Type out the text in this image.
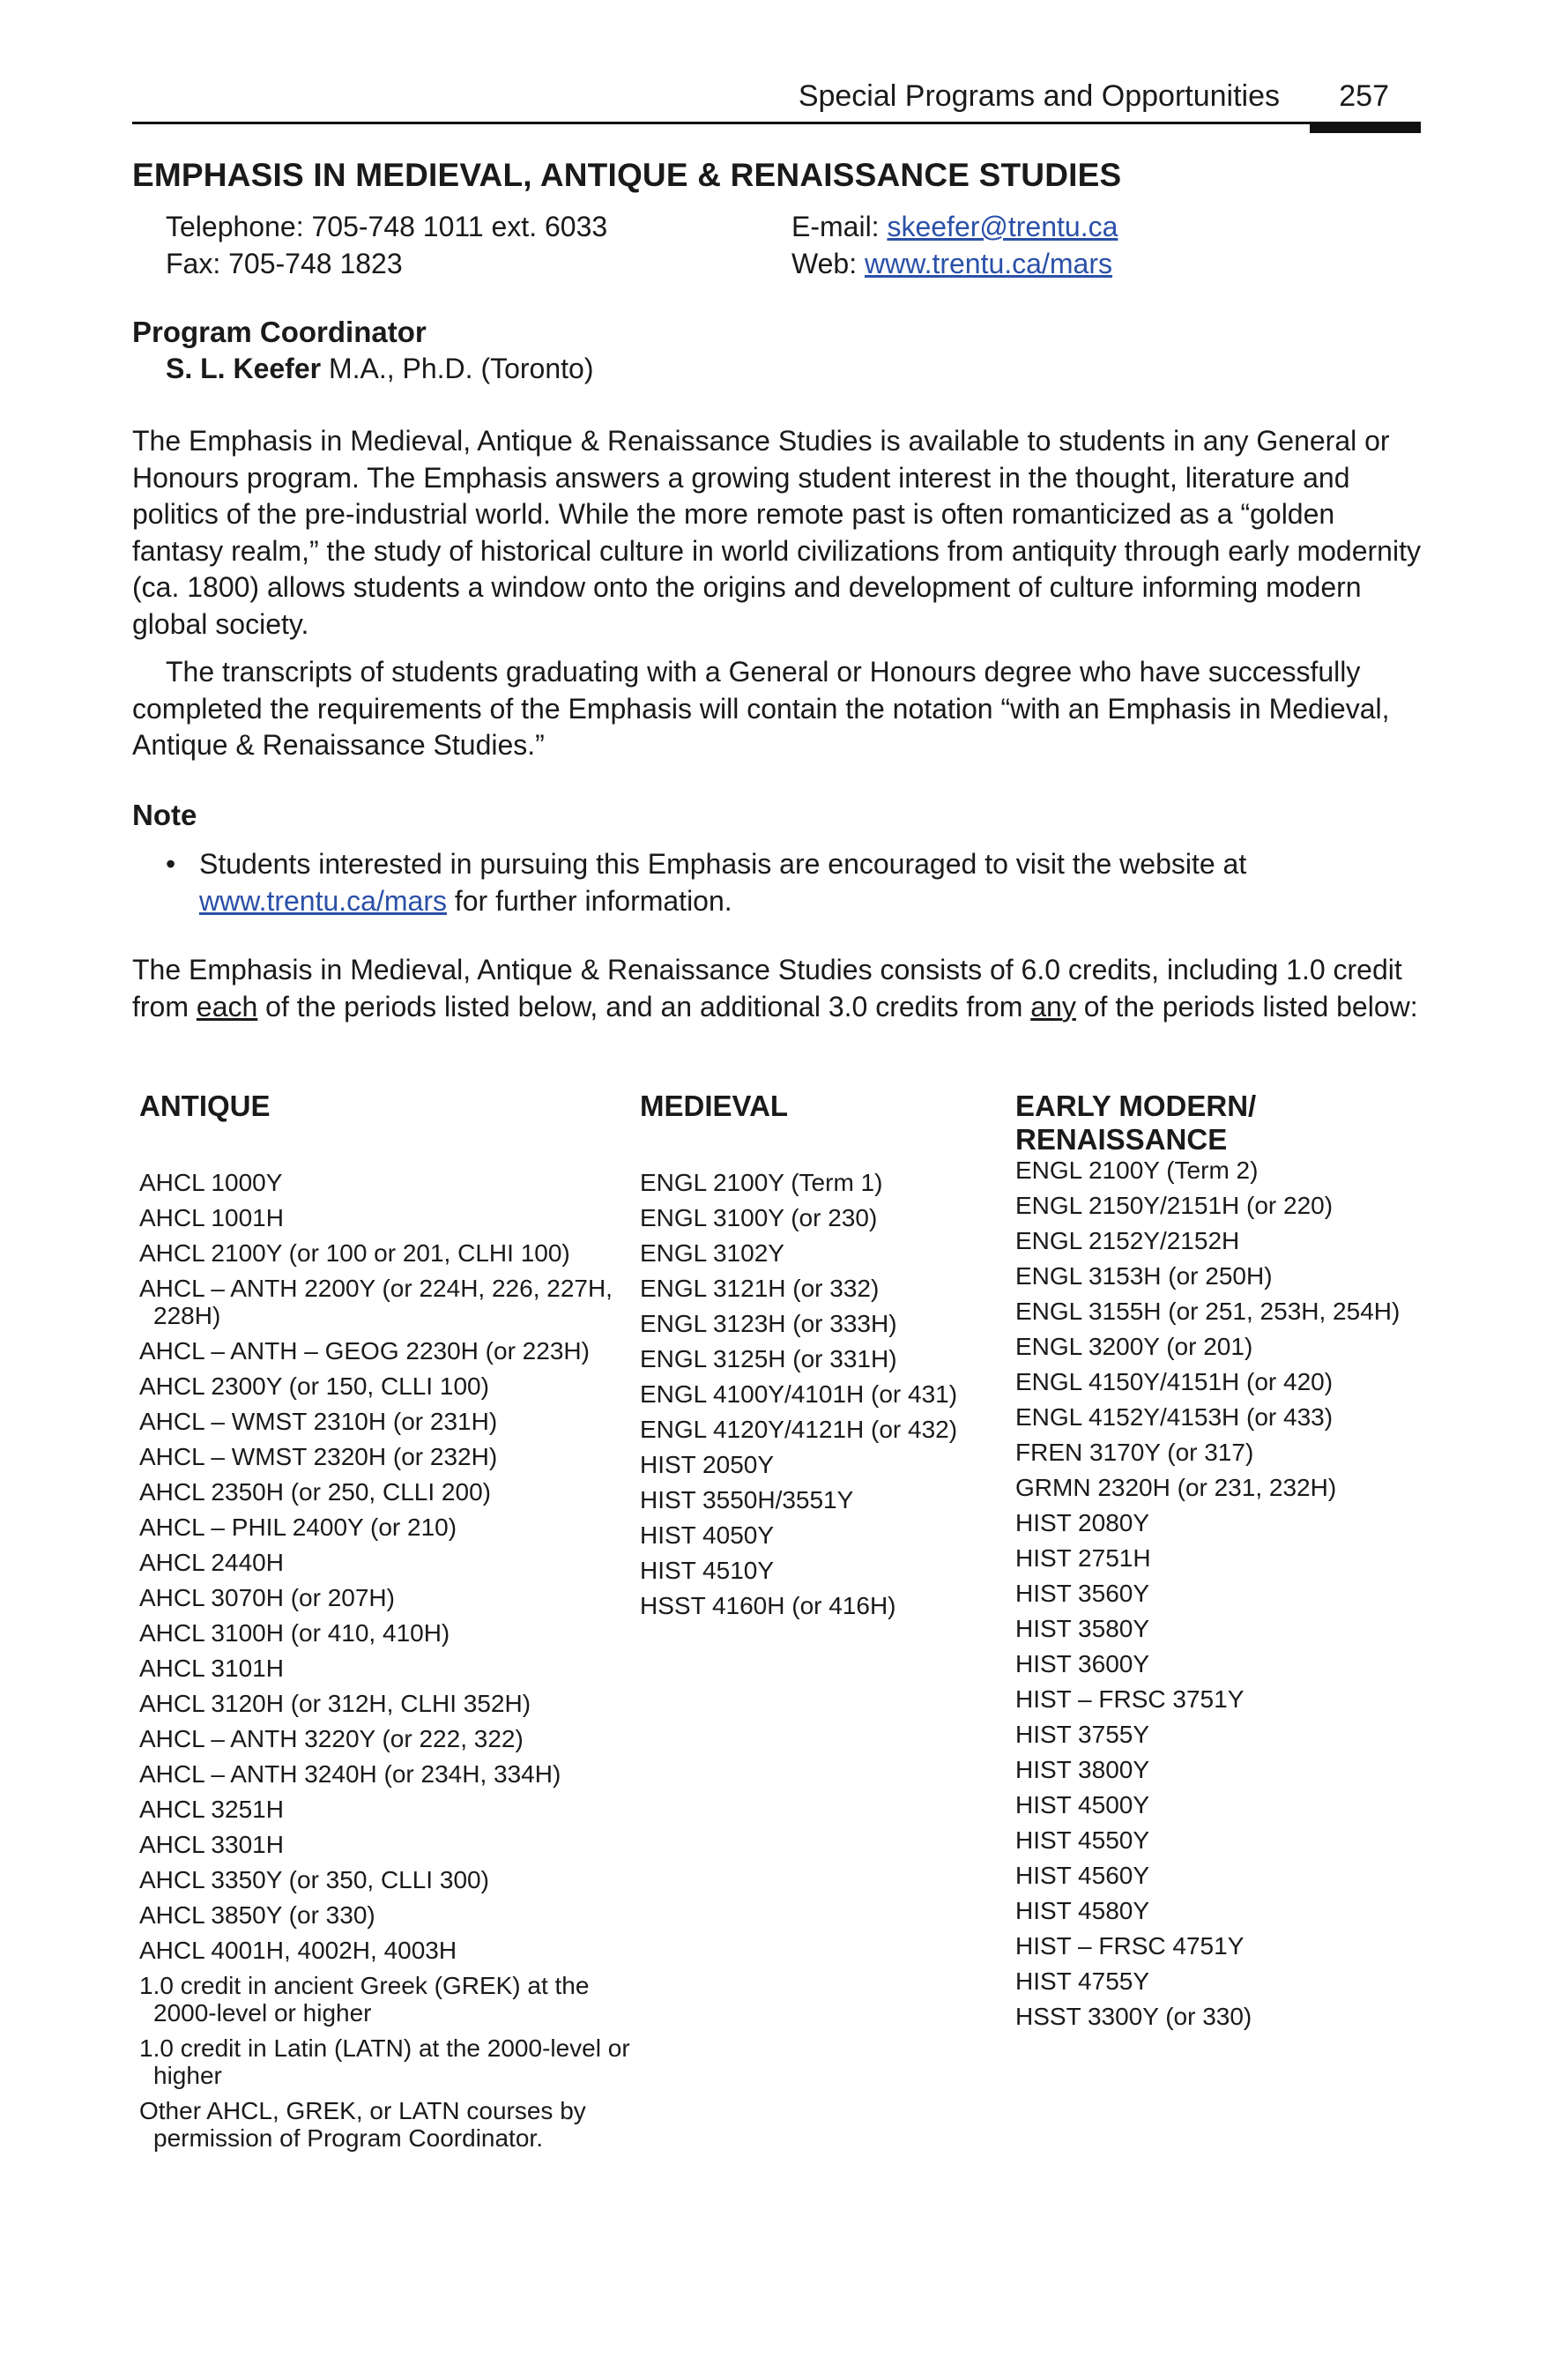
Special Programs and Opportunities 257
EMPHASIS IN MEDIEVAL, ANTIQUE & RENAISSANCE STUDIES
Telephone: 705-748 1011 ext. 6033
Fax: 705-748 1823
E-mail: skeefer@trentu.ca
Web: www.trentu.ca/mars
Program Coordinator
S. L. Keefer M.A., Ph.D. (Toronto)

The Emphasis in Medieval, Antique & Renaissance Studies is available to students in any General or Honours program. The Emphasis answers a growing student interest in the thought, literature and politics of the pre-industrial world. While the more remote past is often romanticized as a “golden fantasy realm,” the study of historical culture in world civilizations from antiquity through early modernity (ca. 1800) allows students a window onto the origins and development of culture informing modern global society.

The transcripts of students graduating with a General or Honours degree who have successfully completed the requirements of the Emphasis will contain the notation “with an Emphasis in Medieval, Antique & Renaissance Studies.”

Note
• Students interested in pursuing this Emphasis are encouraged to visit the website at www.trentu.ca/mars for further information.

The Emphasis in Medieval, Antique & Renaissance Studies consists of 6.0 credits, including 1.0 credit from each of the periods listed below, and an additional 3.0 credits from any of the periods listed below:

ANTIQUE
AHCL 1000Y
AHCL 1001H
AHCL 2100Y (or 100 or 201, CLHI 100)
AHCL – ANTH 2200Y (or 224H, 226, 227H, 228H)
AHCL – ANTH – GEOG 2230H (or 223H)
AHCL 2300Y (or 150, CLLI 100)
AHCL – WMST 2310H (or 231H)
AHCL – WMST 2320H (or 232H)
AHCL 2350H (or 250, CLLI 200)
AHCL – PHIL 2400Y (or 210)
AHCL 2440H
AHCL 3070H (or 207H)
AHCL 3100H (or 410, 410H)
AHCL 3101H
AHCL 3120H (or 312H, CLHI 352H)
AHCL – ANTH 3220Y (or 222, 322)
AHCL – ANTH 3240H (or 234H, 334H)
AHCL 3251H
AHCL 3301H
AHCL 3350Y (or 350, CLLI 300)
AHCL 3850Y (or 330)
AHCL 4001H, 4002H, 4003H
1.0 credit in ancient Greek (GREK) at the 2000-level or higher
1.0 credit in Latin (LATN) at the 2000-level or higher
Other AHCL, GREK, or LATN courses by permission of Program Coordinator.
MEDIEVAL
ENGL 2100Y (Term 1)
ENGL 3100Y (or 230)
ENGL 3102Y
ENGL 3121H (or 332)
ENGL 3123H (or 333H)
ENGL 3125H (or 331H)
ENGL 4100Y/4101H (or 431)
ENGL 4120Y/4121H (or 432)
HIST 2050Y
HIST 3550H/3551Y
HIST 4050Y
HIST 4510Y
HSST 4160H (or 416H)
EARLY MODERN/ RENAISSANCE
ENGL 2100Y (Term 2)
ENGL 2150Y/2151H (or 220)
ENGL 2152Y/2152H
ENGL 3153H (or 250H)
ENGL 3155H (or 251, 253H, 254H)
ENGL 3200Y (or 201)
ENGL 4150Y/4151H (or 420)
ENGL 4152Y/4153H (or 433)
FREN 3170Y (or 317)
GRMN 2320H (or 231, 232H)
HIST 2080Y
HIST 2751H
HIST 3560Y
HIST 3580Y
HIST 3600Y
HIST – FRSC 3751Y
HIST 3755Y
HIST 3800Y
HIST 4500Y
HIST 4550Y
HIST 4560Y
HIST 4580Y
HIST – FRSC 4751Y
HIST 4755Y
HSST 3300Y (or 330)
